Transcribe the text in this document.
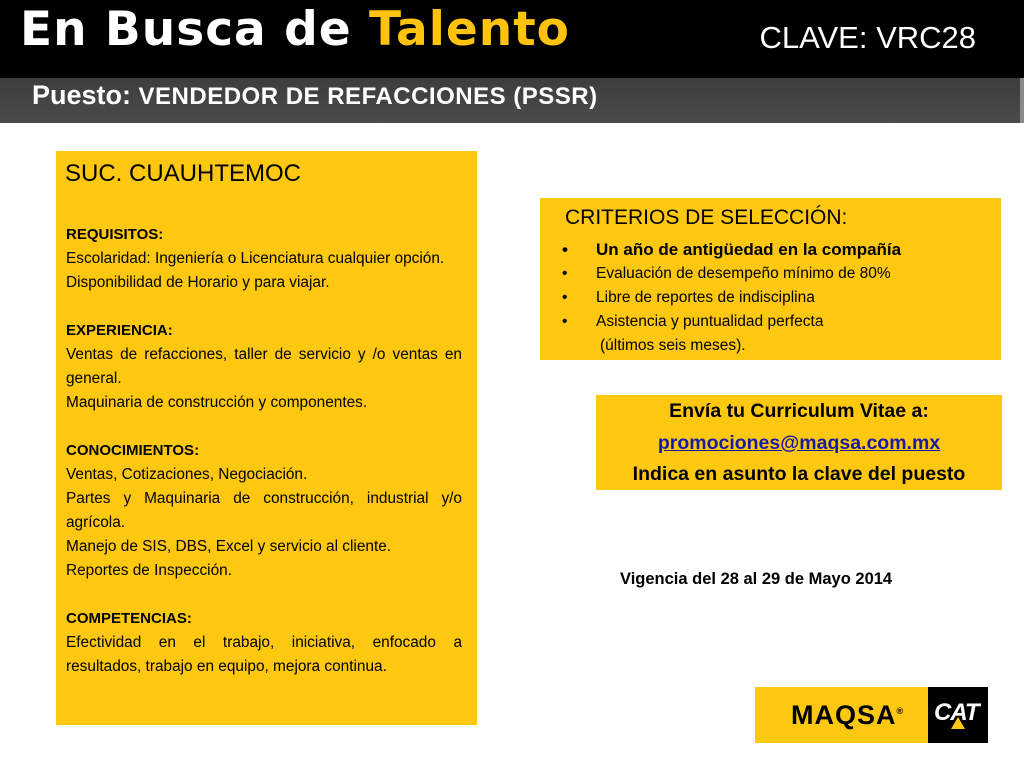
En Busca de Talento	CLAVE: VRC28
Puesto: VENDEDOR DE REFACCIONES (PSSR)
SUC. CUAUHTEMOC
REQUISITOS:
Escolaridad: Ingeniería o Licenciatura cualquier opción.
Disponibilidad de Horario y para viajar.
EXPERIENCIA:
Ventas de refacciones, taller de servicio y /o ventas en general.
Maquinaria de construcción y componentes.
CONOCIMIENTOS:
Ventas, Cotizaciones, Negociación.
Partes y Maquinaria de construcción, industrial y/o agrícola.
Manejo de SIS, DBS, Excel y servicio al cliente.
Reportes de Inspección.
COMPETENCIAS:
Efectividad en el trabajo, iniciativa, enfocado a resultados, trabajo en equipo, mejora continua.
CRITERIOS DE SELECCIÓN:
• Un año de antigüedad en la compañía
• Evaluación de desempeño mínimo de 80%
• Libre de reportes de indisciplina
• Asistencia y puntualidad perfecta
(últimos seis meses).
Envía tu Curriculum Vitae a:
promociones@maqsa.com.mx
Indica en asunto la clave del puesto
Vigencia del 28 al 29 de Mayo 2014
MAQSA® CAT
